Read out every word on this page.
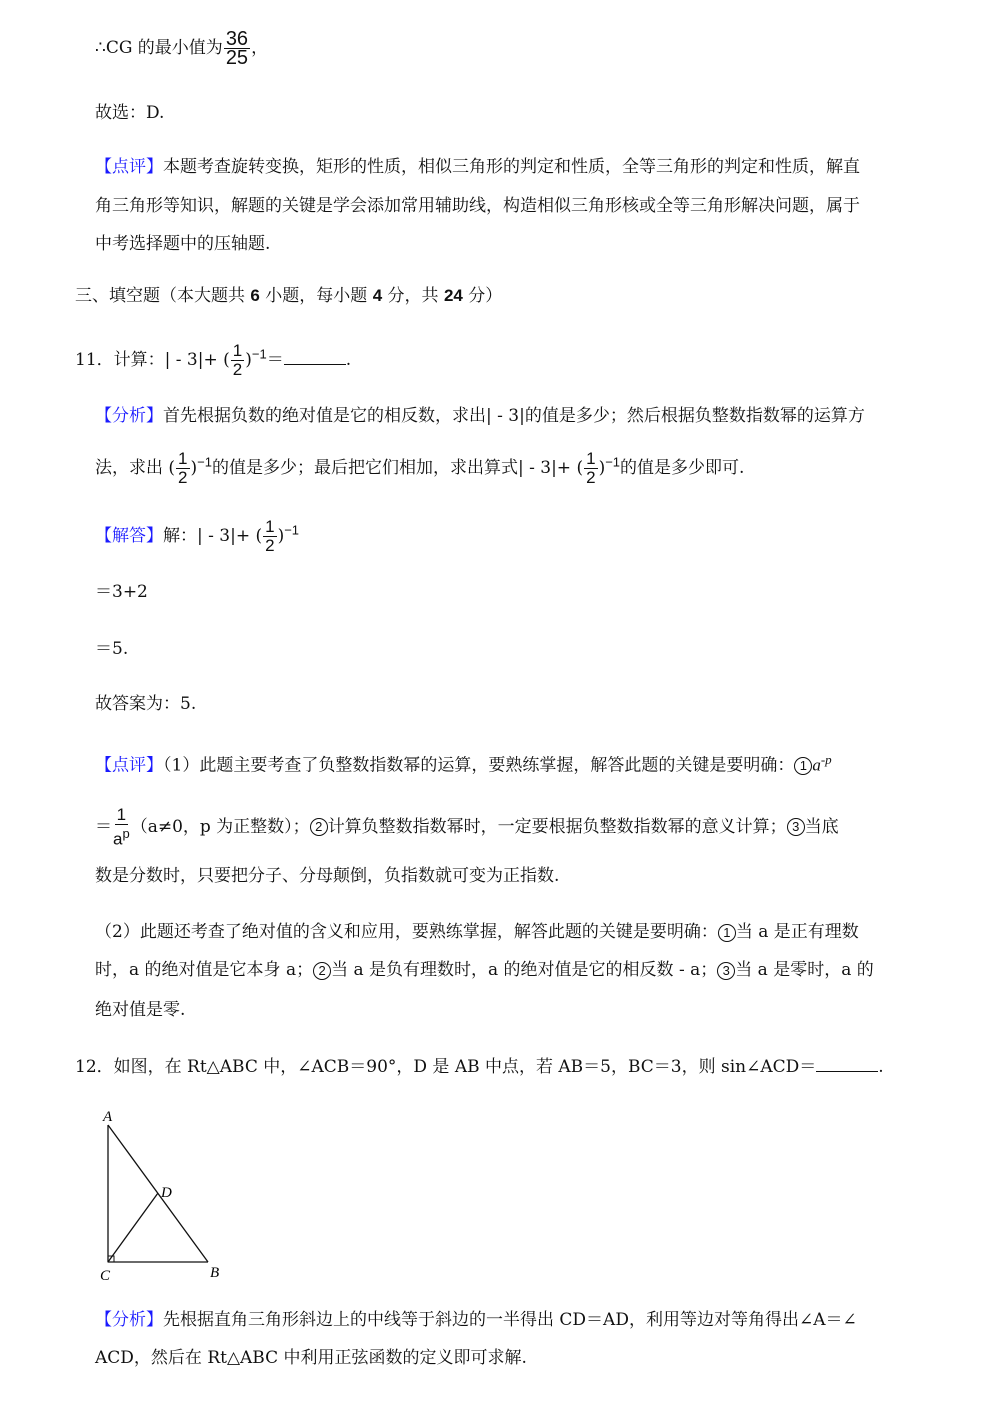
∴CG 的最小值为 $\frac{36}{25}$ ，
故选：D.
【点评】本题考查旋转变换，矩形的性质，相似三角形的判定和性质，全等三角形的判定和性质，解直
角三角形等知识，解题的关键是学会添加常用辅助线，构造相似三角形核或全等三角形解决问题，属于
中考选择题中的压轴题.
三、填空题（本大题共 6 小题，每小题 4 分，共 24 分）
11．计算：| - 3|+ ( $\frac{1}{2} )^{-1}=$	.
【分析】首先根据负数的绝对值是它的相反数，求出| - 3|的值是多少；然后根据负整数指数幂的运算方
法，求出 ( $\frac{1}{2} )^{-1}$的值是多少；最后把它们相加，求出算式| - 3|+ ( $\frac{1}{2} )^{-1}$的值是多少即可.
【解答】解：| - 3|+ ( $\frac{1}{2} )^{-1}$
＝3+2
＝5.
故答案为：5.
【点评】（1）此题主要考查了负整数指数幂的运算，要熟练掌握，解答此题的关键是要明确： 1 $a^{-p}$
＝ $\frac{1}{a^p} (a\ne 0$，p 为正整数）； 2 计算负整数指数幂时，一定要根据负整数指数幂的意义计算； 3 当底
数是分数时，只要把分子、分母颠倒，负指数就可变为正指数.
（2）此题还考查了绝对值的含义和应用，要熟练掌握，解答此题的关键是要明确： 1 当 a 是正有理数
时，a 的绝对值是它本身 a； 2 当 a 是负有理数时，a 的绝对值是它的相反数 - a； 3 当 a 是零时，a 的
绝对值是零.
12．如图，在 Rt△ABC 中，∠ACB＝90°，D 是 AB 中点，若 AB＝5，BC＝3，则 sin∠ACD＝	.
A
D
C	B
【分析】先根据直角三角形斜边上的中线等于斜边的一半得出 CD＝AD，利用等边对等角得出∠A＝∠
ACD，然后在 Rt△ABC 中利用正弦函数的定义即可求解.
